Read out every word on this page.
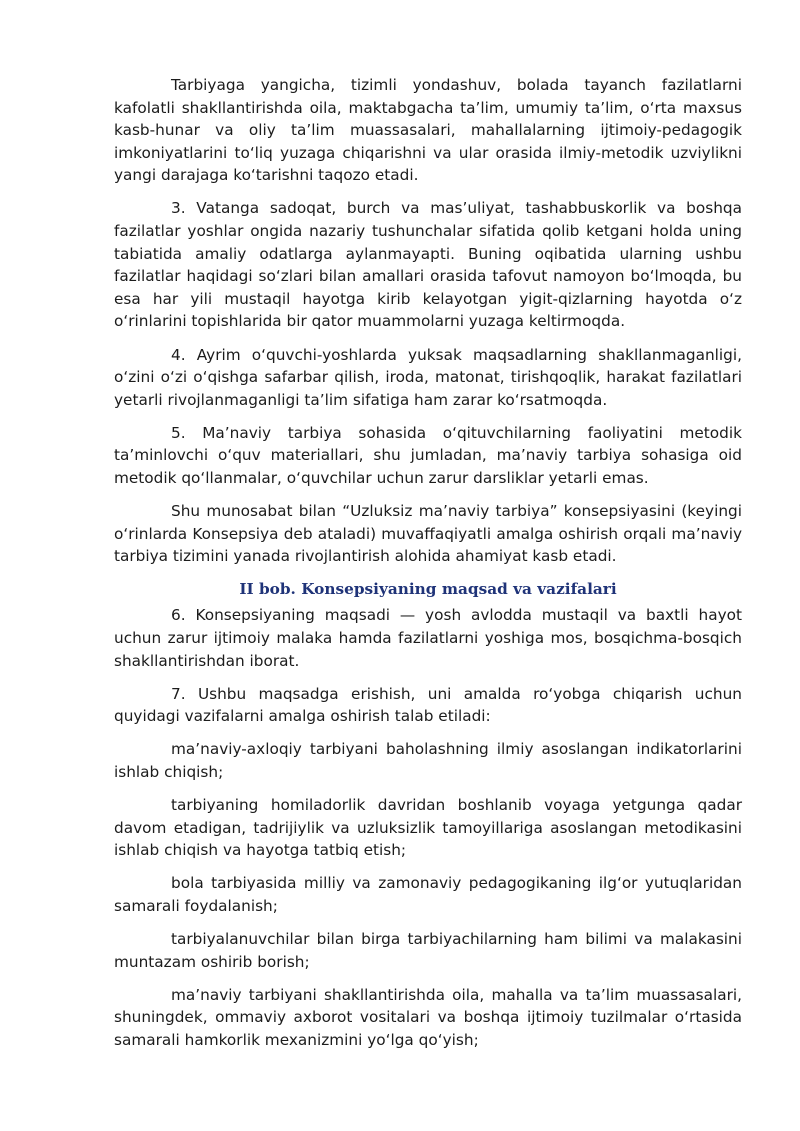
Tarbiyaga yangicha, tizimli yondashuv, bolada tayanch fazilatlarni kafolatli shakllantirishda oila, maktabgacha ta’lim, umumiy ta’lim, o‘rta maxsus kasb-hunar va oliy ta’lim muassasalari, mahallalarning ijtimoiy-pedagogik imkoniyatlarini to‘liq yuzaga chiqarishni va ular orasida ilmiy-metodik uzviylikni yangi darajaga ko‘tarishni taqozo etadi.

3. Vatanga sadoqat, burch va mas’uliyat, tashabbuskorlik va boshqa fazilatlar yoshlar ongida nazariy tushunchalar sifatida qolib ketgani holda uning tabiatida amaliy odatlarga aylanmayapti. Buning oqibatida ularning ushbu fazilatlar haqidagi so‘zlari bilan amallari orasida tafovut namoyon bo‘lmoqda, bu esa har yili mustaqil hayotga kirib kelayotgan yigit-qizlarning hayotda o‘z o‘rinlarini topishlarida bir qator muammolarni yuzaga keltirmoqda.

4. Ayrim o‘quvchi-yoshlarda yuksak maqsadlarning shakllanmaganligi, o‘zini o‘zi o‘qishga safarbar qilish, iroda, matonat, tirishqoqlik, harakat fazilatlari yetarli rivojlanmaganligi ta’lim sifatiga ham zarar ko‘rsatmoqda.

5. Ma’naviy tarbiya sohasida o‘qituvchilarning faoliyatini metodik ta’minlovchi o‘quv materiallari, shu jumladan, ma’naviy tarbiya sohasiga oid metodik qo‘llanmalar, o‘quvchilar uchun zarur darsliklar yetarli emas.

Shu munosabat bilan “Uzluksiz ma’naviy tarbiya” konsepsiyasini (keyingi o‘rinlarda Konsepsiya deb ataladi) muvaffaqiyatli amalga oshirish orqali ma’naviy tarbiya tizimini yanada rivojlantirish alohida ahamiyat kasb etadi.

II bob. Konsepsiyaning maqsad va vazifalari

6. Konsepsiyaning maqsadi — yosh avlodda mustaqil va baxtli hayot uchun zarur ijtimoiy malaka hamda fazilatlarni yoshiga mos, bosqichma-bosqich shakllantirishdan iborat.

7. Ushbu maqsadga erishish, uni amalda ro‘yobga chiqarish uchun quyidagi vazifalarni amalga oshirish talab etiladi:

ma’naviy-axloqiy tarbiyani baholashning ilmiy asoslangan indikatorlarini ishlab chiqish;

tarbiyaning homiladorlik davridan boshlanib voyaga yetgunga qadar davom etadigan, tadrijiylik va uzluksizlik tamoyillariga asoslangan metodikasini ishlab chiqish va hayotga tatbiq etish;

bola tarbiyasida milliy va zamonaviy pedagogikaning ilg‘or yutuqlaridan samarali foydalanish;

tarbiyalanuvchilar bilan birga tarbiyachilarning ham bilimi va malakasini muntazam oshirib borish;

ma’naviy tarbiyani shakllantirishda oila, mahalla va ta’lim muassasalari, shuningdek, ommaviy axborot vositalari va boshqa ijtimoiy tuzilmalar o‘rtasida samarali hamkorlik mexanizmini yo‘lga qo‘yish;
